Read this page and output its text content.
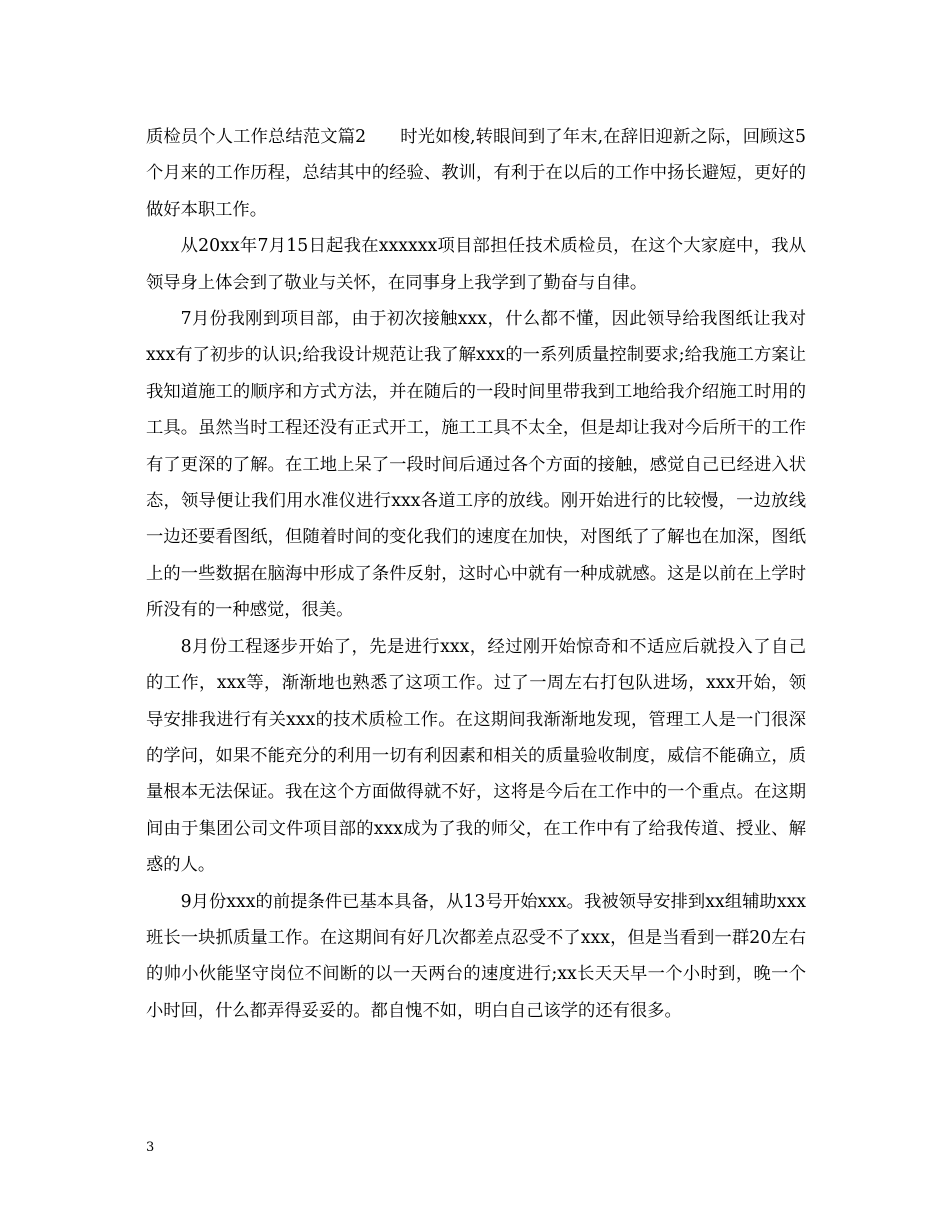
质检员个人工作总结范文篇2 时光如梭,转眼间到了年末,在辞旧迎新之际，回顾这5个月来的工作历程，总结其中的经验、教训，有利于在以后的工作中扬长避短，更好的做好本职工作。

从20xx年7月15日起我在xxxxxx项目部担任技术质检员，在这个大家庭中，我从领导身上体会到了敬业与关怀，在同事身上我学到了勤奋与自律。

7月份我刚到项目部，由于初次接触xxx，什么都不懂，因此领导给我图纸让我对xxx有了初步的认识;给我设计规范让我了解xxx的一系列质量控制要求;给我施工方案让我知道施工的顺序和方式方法，并在随后的一段时间里带我到工地给我介绍施工时用的工具。虽然当时工程还没有正式开工，施工工具不太全，但是却让我对今后所干的工作有了更深的了解。在工地上呆了一段时间后通过各个方面的接触，感觉自己已经进入状态，领导便让我们用水准仪进行xxx各道工序的放线。刚开始进行的比较慢，一边放线一边还要看图纸，但随着时间的变化我们的速度在加快，对图纸了了解也在加深，图纸上的一些数据在脑海中形成了条件反射，这时心中就有一种成就感。这是以前在上学时所没有的一种感觉，很美。

8月份工程逐步开始了，先是进行xxx，经过刚开始惊奇和不适应后就投入了自己的工作，xxx等，渐渐地也熟悉了这项工作。过了一周左右打包队进场，xxx开始，领导安排我进行有关xxx的技术质检工作。在这期间我渐渐地发现，管理工人是一门很深的学问，如果不能充分的利用一切有利因素和相关的质量验收制度，威信不能确立，质量根本无法保证。我在这个方面做得就不好，这将是今后在工作中的一个重点。在这期间由于集团公司文件项目部的xxx成为了我的师父，在工作中有了给我传道、授业、解惑的人。

9月份xxx的前提条件已基本具备，从13号开始xxx。我被领导安排到xx组辅助xxx班长一块抓质量工作。在这期间有好几次都差点忍受不了xxx，但是当看到一群20左右的帅小伙能坚守岗位不间断的以一天两台的速度进行;xx长天天早一个小时到，晚一个小时回，什么都弄得妥妥的。都自愧不如，明白自己该学的还有很多。

3
